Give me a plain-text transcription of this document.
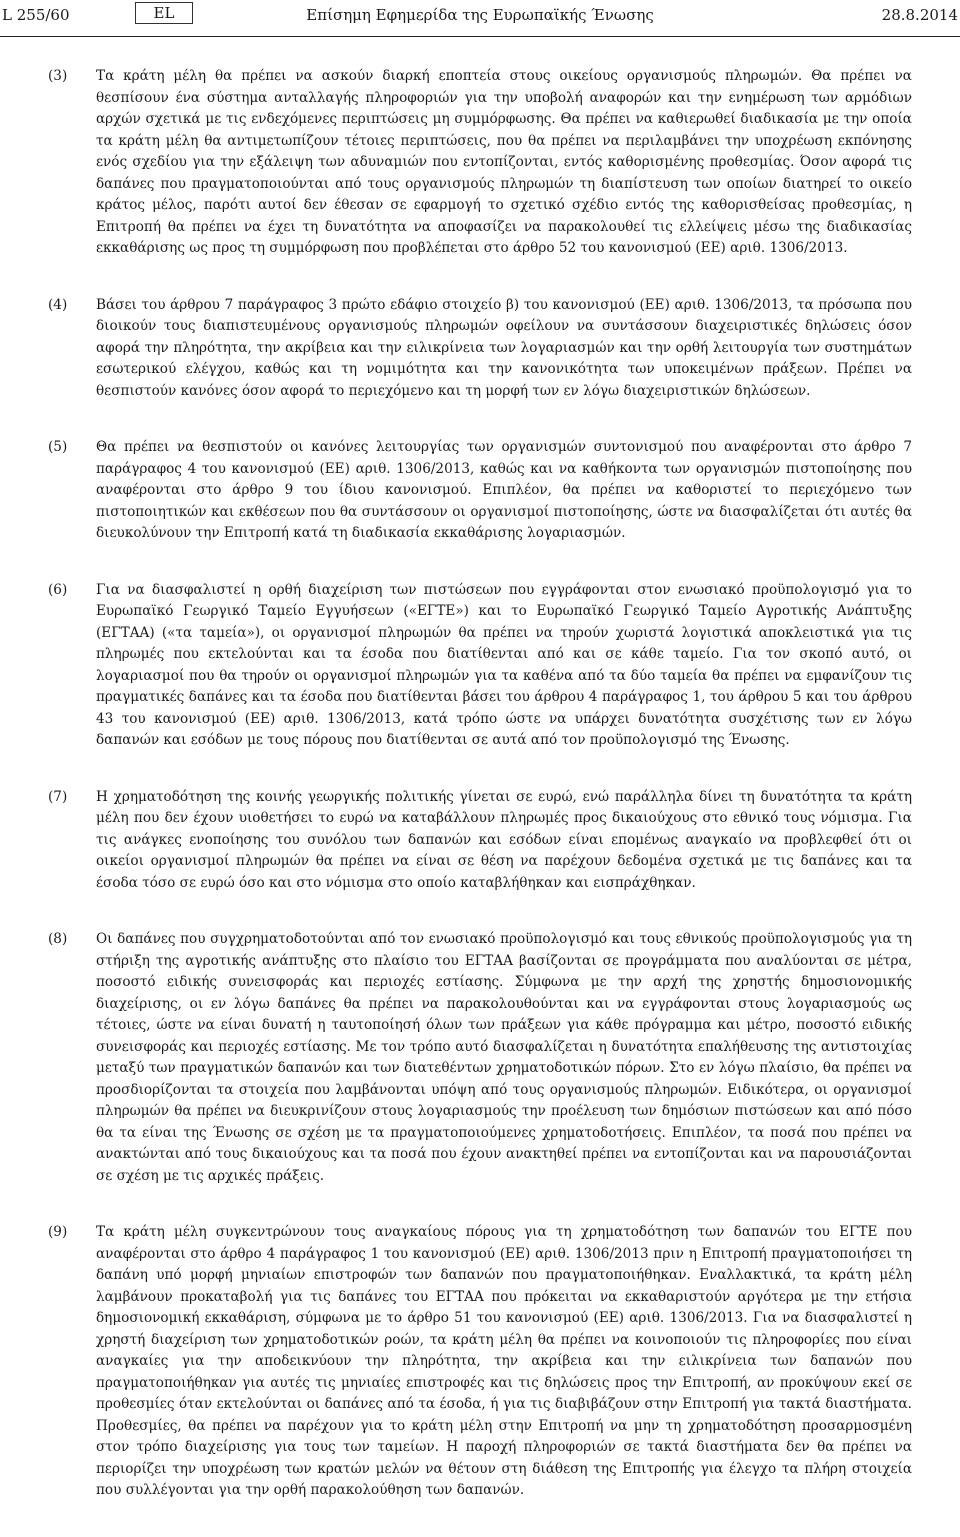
L 255/60	EL	Επίσημη Εφημερίδα της Ευρωπαϊκής Ένωσης	28.8.2014
(3) Τα κράτη μέλη θα πρέπει να ασκούν διαρκή εποπτεία στους οικείους οργανισμούς πληρωμών. Θα πρέπει να θεσπίσουν ένα σύστημα ανταλλαγής πληροφοριών για την υποβολή αναφορών και την ενημέρωση των αρμόδιων αρχών σχετικά με τις ενδεχόμενες περιπτώσεις μη συμμόρφωσης. Θα πρέπει να καθιερωθεί διαδικασία με την οποία τα κράτη μέλη θα αντιμετωπίζουν τέτοιες περιπτώσεις, που θα πρέπει να περιλαμβάνει την υποχρέωση εκπόνησης ενός σχεδίου για την εξάλειψη των αδυναμιών που εντοπίζονται, εντός καθορισμένης προθεσμίας. Όσον αφορά τις δαπάνες που πραγματοποιούνται από τους οργανισμούς πληρωμών τη διαπίστευση των οποίων διατηρεί το οικείο κράτος μέλος, παρότι αυτοί δεν έθεσαν σε εφαρμογή το σχετικό σχέδιο εντός της καθορισθείσας προθεσμίας, η Επιτροπή θα πρέπει να έχει τη δυνατότητα να αποφασίζει να παρακολουθεί τις ελλείψεις μέσω της διαδικασίας εκκαθάρισης ως προς τη συμμόρφωση που προβλέπεται στο άρθρο 52 του κανονισμού (ΕΕ) αριθ. 1306/2013.
(4) Βάσει του άρθρου 7 παράγραφος 3 πρώτο εδάφιο στοιχείο β) του κανονισμού (ΕΕ) αριθ. 1306/2013, τα πρόσωπα που διοικούν τους διαπιστευμένους οργανισμούς πληρωμών οφείλουν να συντάσσουν διαχειριστικές δηλώσεις όσον αφορά την πληρότητα, την ακρίβεια και την ειλικρίνεια των λογαριασμών και την ορθή λειτουργία των συστημάτων εσωτερικού ελέγχου, καθώς και τη νομιμότητα και την κανονικότητα των υποκειμένων πράξεων. Πρέπει να θεσπιστούν κανόνες όσον αφορά το περιεχόμενο και τη μορφή των εν λόγω διαχειριστικών δηλώσεων.
(5) Θα πρέπει να θεσπιστούν οι κανόνες λειτουργίας των οργανισμών συντονισμού που αναφέρονται στο άρθρο 7 παράγραφος 4 του κανονισμού (ΕΕ) αριθ. 1306/2013, καθώς και να καθήκοντα των οργανισμών πιστοποίησης που αναφέρονται στο άρθρο 9 του ίδιου κανονισμού. Επιπλέον, θα πρέπει να καθοριστεί το περιεχόμενο των πιστοποιητικών και εκθέσεων που θα συντάσσουν οι οργανισμοί πιστοποίησης, ώστε να διασφαλίζεται ότι αυτές θα διευκολύνουν την Επιτροπή κατά τη διαδικασία εκκαθάρισης λογαριασμών.
(6) Για να διασφαλιστεί η ορθή διαχείριση των πιστώσεων που εγγράφονται στον ενωσιακό προϋπολογισμό για το Ευρωπαϊκό Γεωργικό Ταμείο Εγγυήσεων («ΕΓΤΕ») και το Ευρωπαϊκό Γεωργικό Ταμείο Αγροτικής Ανάπτυξης (ΕΓΤΑΑ) («τα ταμεία»), οι οργανισμοί πληρωμών θα πρέπει να τηρούν χωριστά λογιστικά αποκλειστικά για τις πληρωμές που εκτελούνται και τα έσοδα που διατίθενται από και σε κάθε ταμείο. Για τον σκοπό αυτό, οι λογαριασμοί που θα τηρούν οι οργανισμοί πληρωμών για τα καθένα από τα δύο ταμεία θα πρέπει να εμφανίζουν τις πραγματικές δαπάνες και τα έσοδα που διατίθενται βάσει του άρθρου 4 παράγραφος 1, του άρθρου 5 και του άρθρου 43 του κανονισμού (ΕΕ) αριθ. 1306/2013, κατά τρόπο ώστε να υπάρχει δυνατότητα συσχέτισης των εν λόγω δαπανών και εσόδων με τους πόρους που διατίθενται σε αυτά από τον προϋπολογισμό της Ένωσης.
(7) Η χρηματοδότηση της κοινής γεωργικής πολιτικής γίνεται σε ευρώ, ενώ παράλληλα δίνει τη δυνατότητα τα κράτη μέλη που δεν έχουν υιοθετήσει το ευρώ να καταβάλλουν πληρωμές προς δικαιούχους στο εθνικό τους νόμισμα. Για τις ανάγκες ενοποίησης του συνόλου των δαπανών και εσόδων είναι επομένως αναγκαίο να προβλεφθεί ότι οι οικείοι οργανισμοί πληρωμών θα πρέπει να είναι σε θέση να παρέχουν δεδομένα σχετικά με τις δαπάνες και τα έσοδα τόσο σε ευρώ όσο και στο νόμισμα στο οποίο καταβλήθηκαν και εισπράχθηκαν.
(8) Οι δαπάνες που συγχρηματοδοτούνται από τον ενωσιακό προϋπολογισμό και τους εθνικούς προϋπολογισμούς για τη στήριξη της αγροτικής ανάπτυξης στο πλαίσιο του ΕΓΤΑΑ βασίζονται σε προγράμματα που αναλύονται σε μέτρα, ποσοστό ειδικής συνεισφοράς και περιοχές εστίασης. Σύμφωνα με την αρχή της χρηστής δημοσιονομικής διαχείρισης, οι εν λόγω δαπάνες θα πρέπει να παρακολουθούνται και να εγγράφονται στους λογαριασμούς ως τέτοιες, ώστε να είναι δυνατή η ταυτοποίησή όλων των πράξεων για κάθε πρόγραμμα και μέτρο, ποσοστό ειδικής συνεισφοράς και περιοχές εστίασης. Με τον τρόπο αυτό διασφαλίζεται η δυνατότητα επαλήθευσης της αντιστοιχίας μεταξύ των πραγματικών δαπανών και των διατεθέντων χρηματοδοτικών πόρων. Στο εν λόγω πλαίσιο, θα πρέπει να προσδιορίζονται τα στοιχεία που λαμβάνονται υπόψη από τους οργανισμούς πληρωμών. Ειδικότερα, οι οργανισμοί πληρωμών θα πρέπει να διευκρινίζουν στους λογαριασμούς την προέλευση των δημόσιων πιστώσεων και από πόσο θα τα είναι της Ένωσης σε σχέση με τα πραγματοποιούμενες χρηματοδοτήσεις. Επιπλέον, τα ποσά που πρέπει να ανακτώνται από τους δικαιούχους και τα ποσά που έχουν ανακτηθεί πρέπει να εντοπίζονται και να παρουσιάζονται σε σχέση με τις αρχικές πράξεις.
(9) Τα κράτη μέλη συγκεντρώνουν τους αναγκαίους πόρους για τη χρηματοδότηση των δαπανών του ΕΓΤΕ που αναφέρονται στο άρθρο 4 παράγραφος 1 του κανονισμού (ΕΕ) αριθ. 1306/2013 πριν η Επιτροπή πραγματοποιήσει τη δαπάνη υπό μορφή μηνιαίων επιστροφών των δαπανών που πραγματοποιήθηκαν. Εναλλακτικά, τα κράτη μέλη λαμβάνουν προκαταβολή για τις δαπάνες του ΕΓΤΑΑ που πρόκειται να εκκαθαριστούν αργότερα με την ετήσια δημοσιονομική εκκαθάριση, σύμφωνα με το άρθρο 51 του κανονισμού (ΕΕ) αριθ. 1306/2013. Για να διασφαλιστεί η χρηστή διαχείριση των χρηματοδοτικών ροών, τα κράτη μέλη θα πρέπει να κοινοποιούν τις πληροφορίες που είναι αναγκαίες για την αποδεικνύουν την πληρότητα, την ακρίβεια και την ειλικρίνεια των δαπανών που πραγματοποιήθηκαν για αυτές τις μηνιαίες επιστροφές και τις δηλώσεις προς την Επιτροπή, αν προκύψουν εκεί σε προθεσμίες όταν εκτελούνται οι δαπάνες από τα έσοδα, ή για τις διαβιβάζουν στην Επιτροπή για τακτά διαστήματα. Προθεσμίες, θα πρέπει να παρέχουν για το κράτη μέλη στην Επιτροπή να μην τη χρηματοδότηση προσαρμοσμένη στον τρόπο διαχείρισης για τους των ταμείων. Η παροχή πληροφοριών σε τακτά διαστήματα δεν θα πρέπει να περιορίζει την υποχρέωση των κρατών μελών να θέτουν στη διάθεση της Επιτροπής για έλεγχο τα πλήρη στοιχεία που συλλέγονται για την ορθή παρακολούθηση των δαπανών.
